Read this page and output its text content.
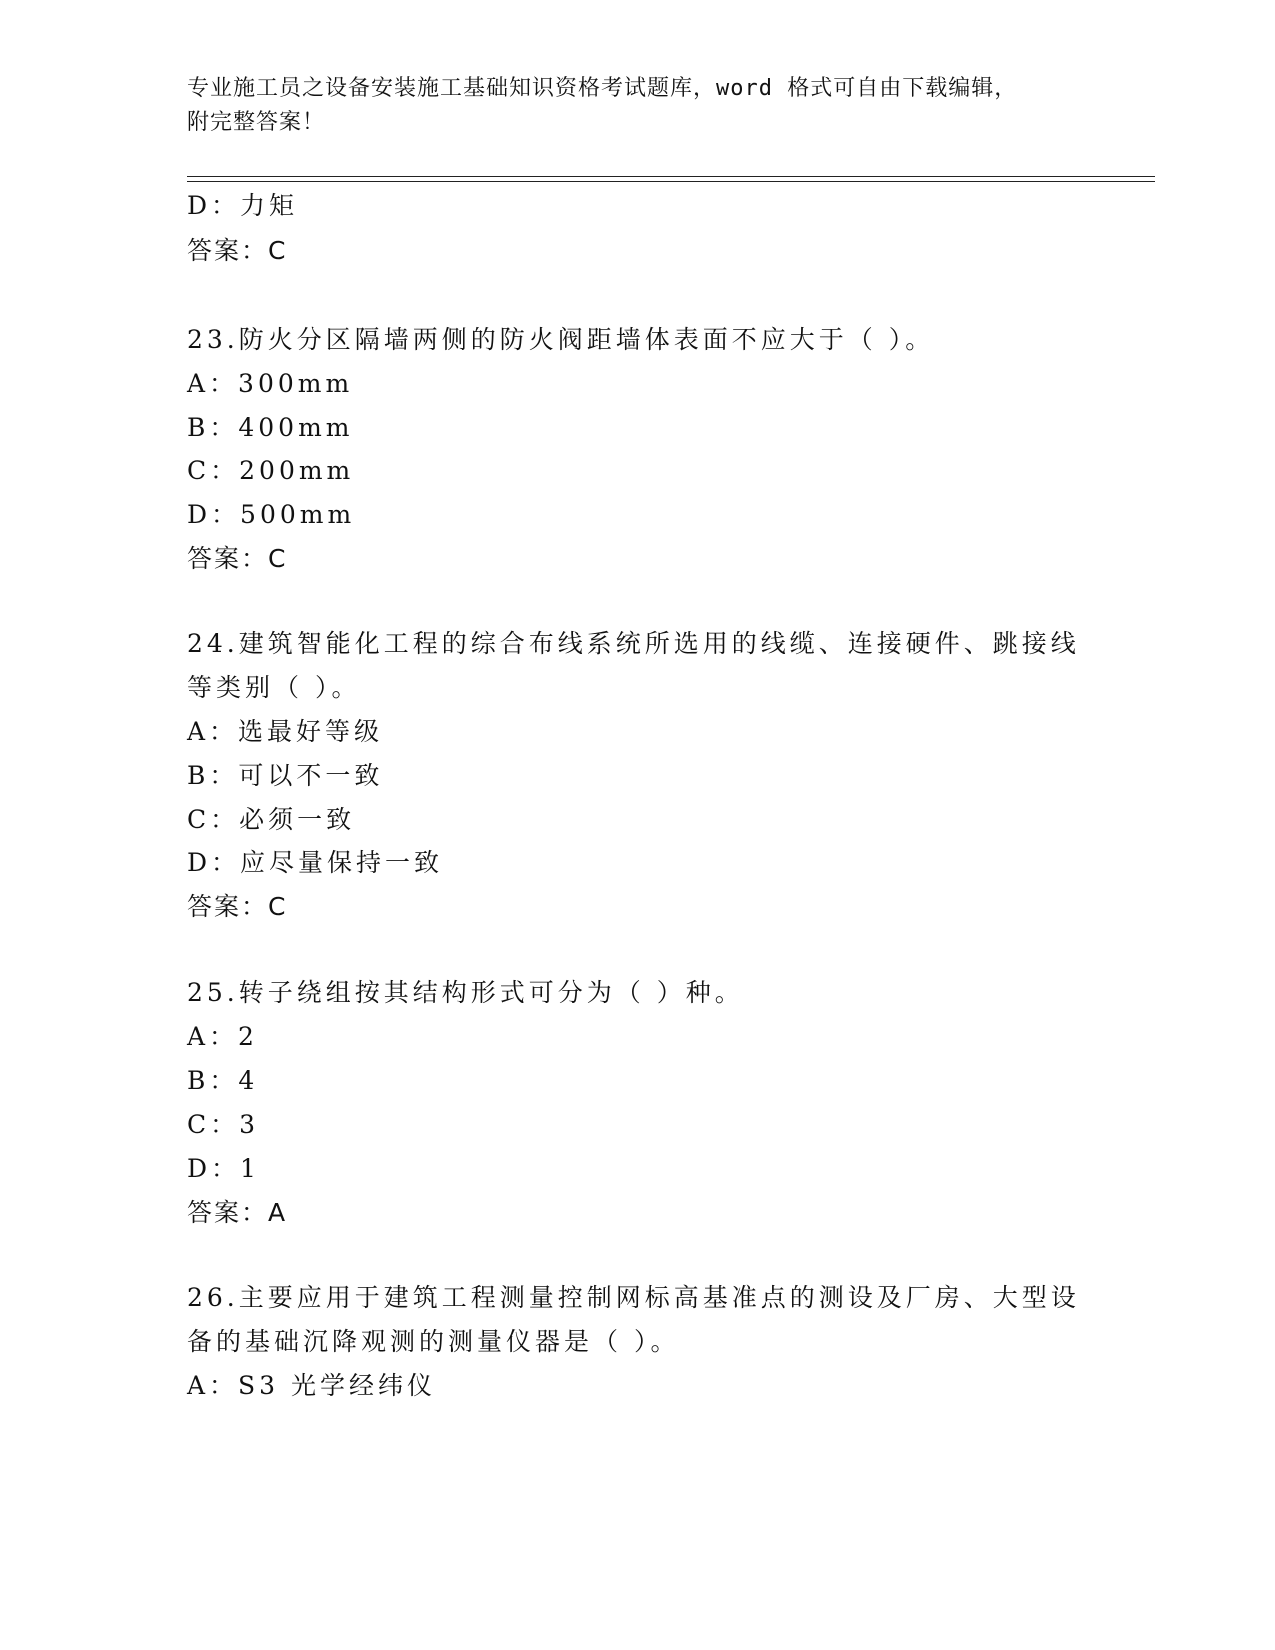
专业施工员之设备安装施工基础知识资格考试题库，word 格式可自由下载编辑，
附完整答案！
D：力矩
答案：C
23.防火分区隔墙两侧的防火阀距墙体表面不应大于（ ）。
A：300mm
B：400mm
C：200mm
D：500mm
答案：C
24.建筑智能化工程的综合布线系统所选用的线缆、连接硬件、跳接线
等类别（ ）。
A：选最好等级
B：可以不一致
C：必须一致
D：应尽量保持一致
答案：C
25.转子绕组按其结构形式可分为（ ）种。
A：2
B：4
C：3
D：1
答案：A
26.主要应用于建筑工程测量控制网标高基准点的测设及厂房、大型设
备的基础沉降观测的测量仪器是（ ）。
A：S3 光学经纬仪
